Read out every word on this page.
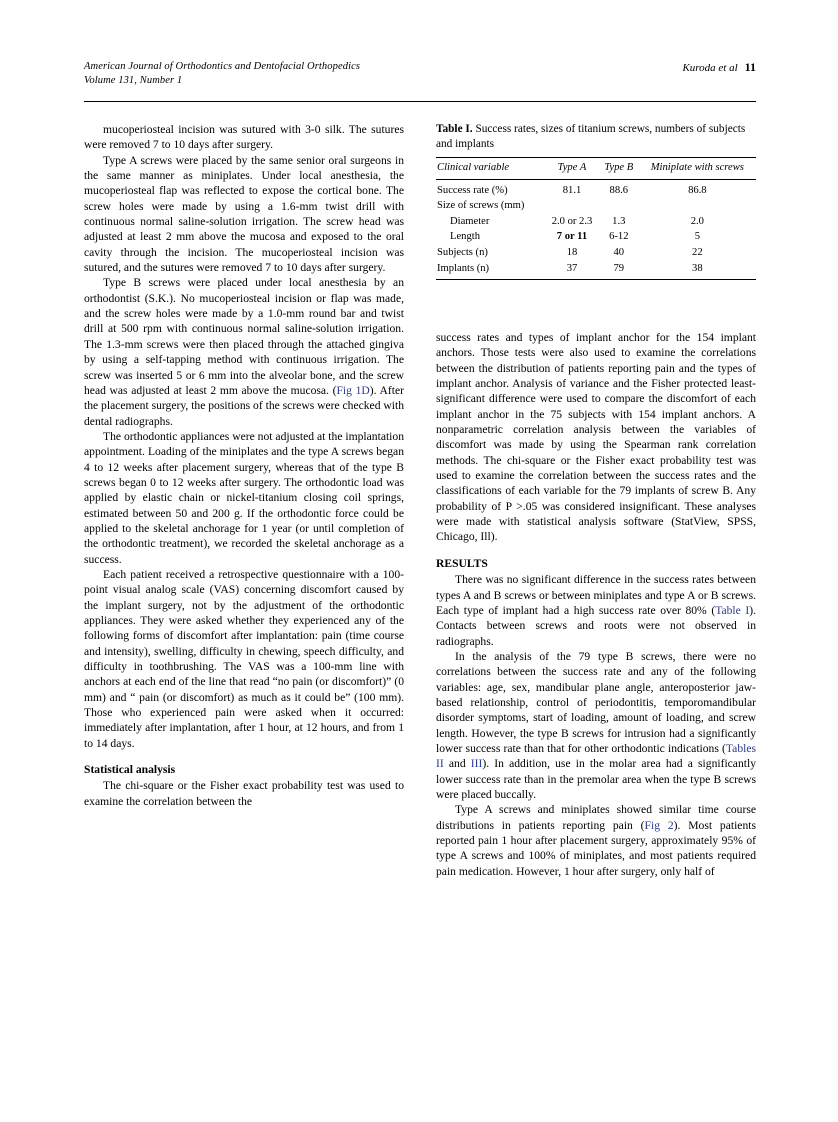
American Journal of Orthodontics and Dentofacial Orthopedics
Volume 131, Number 1
Kuroda et al 11

mucoperiosteal incision was sutured with 3-0 silk. The sutures were removed 7 to 10 days after surgery.

Type A screws were placed by the same senior oral surgeons in the same manner as miniplates. Under local anesthesia, the mucoperiosteal flap was reflected to expose the cortical bone. The screw holes were made by using a 1.6-mm twist drill with continuous normal saline-solution irrigation. The screw head was adjusted at least 2 mm above the mucosa and exposed to the oral cavity through the incision. The mucoperiosteal incision was sutured, and the sutures were removed 7 to 10 days after surgery.

Type B screws were placed under local anesthesia by an orthodontist (S.K.). No mucoperiosteal incision or flap was made, and the screw holes were made by a 1.0-mm round bar and twist drill at 500 rpm with continuous normal saline-solution irrigation. The 1.3-mm screws were then placed through the attached gingiva by using a self-tapping method with continuous irrigation. The screw was inserted 5 or 6 mm into the alveolar bone, and the screw head was adjusted at least 2 mm above the mucosa. (Fig 1D). After the placement surgery, the positions of the screws were checked with dental radiographs.

The orthodontic appliances were not adjusted at the implantation appointment. Loading of the miniplates and the type A screws began 4 to 12 weeks after placement surgery, whereas that of the type B screws began 0 to 12 weeks after surgery. The orthodontic load was applied by elastic chain or nickel-titanium closing coil springs, estimated between 50 and 200 g. If the orthodontic force could be applied to the skeletal anchorage for 1 year (or until completion of the orthodontic treatment), we recorded the skeletal anchorage as a success.

Each patient received a retrospective questionnaire with a 100-point visual analog scale (VAS) concerning discomfort caused by the implant surgery, not by the adjustment of the orthodontic appliances. They were asked whether they experienced any of the following forms of discomfort after implantation: pain (time course and intensity), swelling, difficulty in chewing, speech difficulty, and difficulty in toothbrushing. The VAS was a 100-mm line with anchors at each end of the line that read “no pain (or discomfort)” (0 mm) and “ pain (or discomfort) as much as it could be” (100 mm). Those who experienced pain were asked when it occurred: immediately after implantation, after 1 hour, at 12 hours, and from 1 to 14 days.

Statistical analysis

The chi-square or the Fisher exact probability test was used to examine the correlation between the

Table I. Success rates, sizes of titanium screws, numbers of subjects and implants
Clinical variable	Type A	Type B	Miniplate with screws
Success rate (%)	81.1	88.6	86.8
Size of screws (mm)			
Diameter	2.0 or 2.3	1.3	2.0
Length	7 or 11	6-12	5
Subjects (n)	18	40	22
Implants (n)	37	79	38

success rates and types of implant anchor for the 154 implant anchors. Those tests were also used to examine the correlations between the distribution of patients reporting pain and the types of implant anchor. Analysis of variance and the Fisher protected least-significant difference were used to compare the discomfort of each implant anchor in the 75 subjects with 154 implant anchors. A nonparametric correlation analysis between the variables of discomfort was made by using the Spearman rank correlation methods. The chi-square or the Fisher exact probability test was used to examine the correlation between the success rates and the classifications of each variable for the 79 implants of screw B. Any probability of P >.05 was considered insignificant. These analyses were made with statistical analysis software (StatView, SPSS, Chicago, Ill).

RESULTS

There was no significant difference in the success rates between types A and B screws or between miniplates and type A or B screws. Each type of implant had a high success rate over 80% (Table I). Contacts between screws and roots were not observed in radiographs.

In the analysis of the 79 type B screws, there were no correlations between the success rate and any of the following variables: age, sex, mandibular plane angle, anteroposterior jaw-based relationship, control of periodontitis, temporomandibular disorder symptoms, start of loading, amount of loading, and screw length. However, the type B screws for intrusion had a significantly lower success rate than that for other orthodontic indications (Tables II and III). In addition, use in the molar area had a significantly lower success rate than in the premolar area when the type B screws were placed buccally.

Type A screws and miniplates showed similar time course distributions in patients reporting pain (Fig 2). Most patients reported pain 1 hour after placement surgery, approximately 95% of type A screws and 100% of miniplates, and most patients required pain medication. However, 1 hour after surgery, only half of
